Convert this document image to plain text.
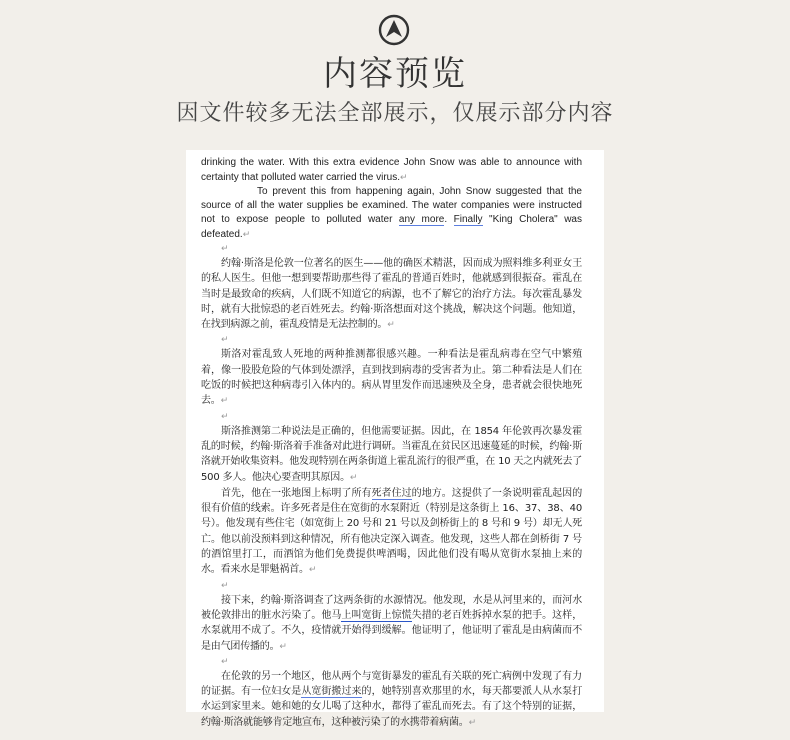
内容预览
因文件较多无法全部展示，仅展示部分内容

drinking the water. With this extra evidence John Snow was able to announce with certainty that polluted water carried the virus.↵

To prevent this from happening again, John Snow suggested that the source of all the water supplies be examined. The water companies were instructed not to expose people to polluted water any more. Finally "King Cholera" was defeated.↵

↵

约翰·斯洛是伦敦一位著名的医生——他的确医术精湛，因而成为照料维多利亚女王的私人医生。但他一想到要帮助那些得了霍乱的普通百姓时，他就感到很振奋。霍乱在当时是最致命的疾病，人们既不知道它的病源，也不了解它的治疗方法。每次霍乱暴发时，就有大批惊恐的老百姓死去。约翰·斯洛想面对这个挑战，解决这个问题。他知道，在找到病源之前，霍乱疫情是无法控制的。↵

↵

斯洛对霍乱致人死地的两种推测都很感兴趣。一种看法是霍乱病毒在空气中繁殖着，像一股股危险的气体到处漂浮，直到找到病毒的受害者为止。第二种看法是人们在吃饭的时候把这种病毒引入体内的。病从胃里发作而迅速殃及全身，患者就会很快地死去。↵

↵

斯洛推测第二种说法是正确的，但他需要证据。因此，在 1854 年伦敦再次暴发霍乱的时候，约翰·斯洛着手准备对此进行调研。当霍乱在贫民区迅速蔓延的时候，约翰·斯洛就开始收集资料。他发现特别在两条街道上霍乱流行的很严重，在 10 天之内就死去了 500 多人。他决心要查明其原因。↵

首先，他在一张地图上标明了所有死者住过的地方。这提供了一条说明霍乱起因的很有价值的线索。许多死者是住在宽街的水泵附近（特别是这条街上 16、37、38、40 号）。他发现有些住宅（如宽街上 20 号和 21 号以及剑桥街上的 8 号和 9 号）却无人死亡。他以前没预料到这种情况，所有他决定深入调查。他发现，这些人都在剑桥街 7 号的酒馆里打工，而酒馆为他们免费提供啤酒喝，因此他们没有喝从宽街水泵抽上来的水。看来水是罪魁祸首。↵

↵

接下来，约翰·斯洛调查了这两条街的水源情况。他发现，水是从河里来的，而河水被伦敦排出的脏水污染了。他马上叫宽街上惊慌失措的老百姓拆掉水泵的把手。这样，水泵就用不成了。不久，疫情就开始得到缓解。他证明了，他证明了霍乱是由病菌而不是由气团传播的。↵

↵

在伦敦的另一个地区，他从两个与宽街暴发的霍乱有关联的死亡病例中发现了有力的证据。有一位妇女是从宽街搬过来的，她特别喜欢那里的水，每天都要派人从水泵打水运到家里来。她和她的女儿喝了这种水，都得了霍乱而死去。有了这个特别的证据，约翰·斯洛就能够肯定地宣布，这种被污染了的水携带着病菌。↵
